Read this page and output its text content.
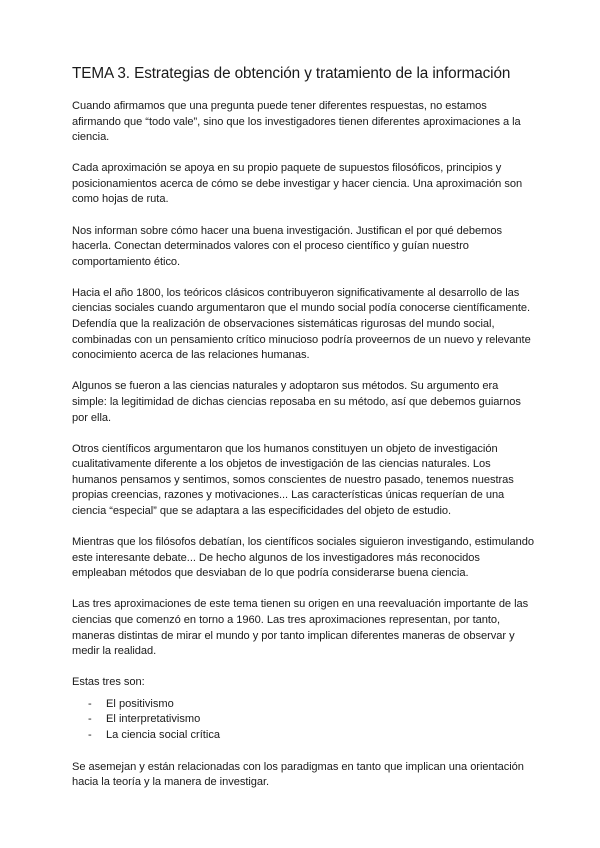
TEMA 3. Estrategias de obtención y tratamiento de la información

Cuando afirmamos que una pregunta puede tener diferentes respuestas, no estamos afirmando que “todo vale”, sino que los investigadores tienen diferentes aproximaciones a la ciencia.

Cada aproximación se apoya en su propio paquete de supuestos filosóficos, principios y posicionamientos acerca de cómo se debe investigar y hacer ciencia. Una aproximación son como hojas de ruta.

Nos informan sobre cómo hacer una buena investigación. Justifican el por qué debemos hacerla. Conectan determinados valores con el proceso científico y guían nuestro comportamiento ético.

Hacia el año 1800, los teóricos clásicos contribuyeron significativamente al desarrollo de las ciencias sociales cuando argumentaron que el mundo social podía conocerse científicamente. Defendía que la realización de observaciones sistemáticas rigurosas del mundo social, combinadas con un pensamiento crítico minucioso podría proveernos de un nuevo y relevante conocimiento acerca de las relaciones humanas.

Algunos se fueron a las ciencias naturales y adoptaron sus métodos. Su argumento era simple: la legitimidad de dichas ciencias reposaba en su método, así que debemos guiarnos por ella.

Otros científicos argumentaron que los humanos constituyen un objeto de investigación cualitativamente diferente a los objetos de investigación de las ciencias naturales. Los humanos pensamos y sentimos, somos conscientes de nuestro pasado, tenemos nuestras propias creencias, razones y motivaciones... Las características únicas requerían de una ciencia “especial” que se adaptara a las especificidades del objeto de estudio.

Mientras que los filósofos debatían, los científicos sociales siguieron investigando, estimulando este interesante debate... De hecho algunos de los investigadores más reconocidos empleaban métodos que desviaban de lo que podría considerarse buena ciencia.

Las tres aproximaciones de este tema tienen su origen en una reevaluación importante de las ciencias que comenzó en torno a 1960. Las tres aproximaciones representan, por tanto, maneras distintas de mirar el mundo y por tanto implican diferentes maneras de observar y medir la realidad.

Estas tres son:

- El positivismo
- El interpretativismo
- La ciencia social crítica

Se asemejan y están relacionadas con los paradigmas en tanto que implican una orientación hacia la teoría y la manera de investigar.
